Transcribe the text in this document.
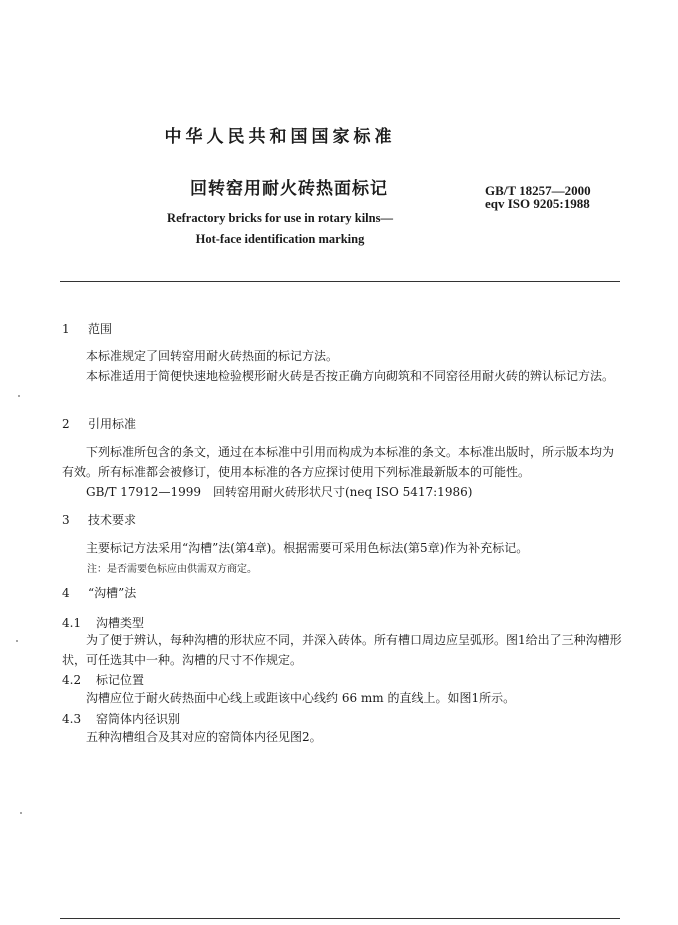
中华人民共和国国家标准
回转窑用耐火砖热面标记	GB/T 18257—2000
eqv ISO 9205:1988
Refractory bricks for use in rotary kilns—
Hot-face identification marking
1 范围
本标准规定了回转窑用耐火砖热面的标记方法。
本标准适用于简便快速地检验楔形耐火砖是否按正确方向砌筑和不同窑径用耐火砖的辨认标记方法。
2 引用标准
下列标准所包含的条文，通过在本标准中引用而构成为本标准的条文。本标准出版时，所示版本均为有效。所有标准都会被修订，使用本标准的各方应探讨使用下列标准最新版本的可能性。
GB/T 17912—1999　回转窑用耐火砖形状尺寸(neq ISO 5417:1986)
3 技术要求
主要标记方法采用“沟槽”法(第4章)。根据需要可采用色标法(第5章)作为补充标记。
注：是否需要色标应由供需双方商定。
4 “沟槽”法
4.1 沟槽类型
为了便于辨认，每种沟槽的形状应不同，并深入砖体。所有槽口周边应呈弧形。图1给出了三种沟槽形状，可任选其中一种。沟槽的尺寸不作规定。
4.2 标记位置
沟槽应位于耐火砖热面中心线上或距该中心线约 66 mm 的直线上。如图1所示。
4.3 窑筒体内径识别
五种沟槽组合及其对应的窑筒体内径见图2。
